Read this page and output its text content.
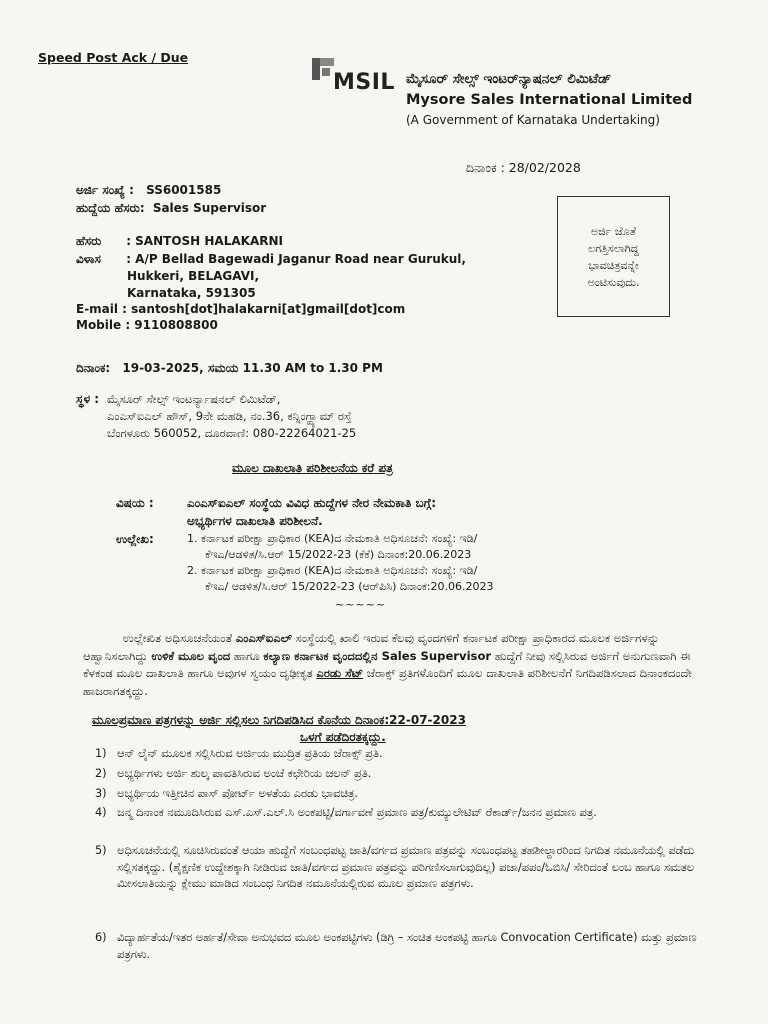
Speed Post Ack / Due
MSIL ಮೈಸೂರ್ ಸೇಲ್ಸ್ ಇಂಟರ್‌ನ್ಯಾಷನಲ್ ಲಿಮಿಟೆಡ್
Mysore Sales International Limited
(A Government of Karnataka Undertaking)
ದಿನಾಂಕ : 28/02/2028
ಅರ್ಜಿ ಜೊತೆ
ಲಗತ್ತಿಸಲಾಗಿದ್ದ
ಭಾವಚಿತ್ರವನ್ನೇ
ಅಂಟಿಸುವುದು.
ಅರ್ಜಿ ಸಂಖ್ಯೆ : SS6001585
ಹುದ್ದೆಯ ಹೆಸರು: Sales Supervisor
ಹೆಸರು : SANTOSH HALAKARNI
ವಿಳಾಸ : A/P Bellad Bagewadi Jaganur Road near Gurukul,
Hukkeri, BELAGAVI,
Karnataka, 591305
E-mail : santosh[dot]halakarni[at]gmail[dot]com
Mobile : 9110808800
ದಿನಾಂಕ: 19-03-2025, ಸಮಯ 11.30 AM to 1.30 PM
ಸ್ಥಳ : ಮೈಸೂರ್ ಸೇಲ್ಸ್ ಇಂಟರ್ನ್ಯಾಷನಲ್ ಲಿಮಿಟೆಡ್,
ಎಂಎಸ್‌ಐಎಲ್ ಹೌಸ್, 9ನೇ ಮಹಡಿ, ನಂ.36, ಕನ್ನಿಂಗ್ಹ್ಯಾಮ್ ರಸ್ತೆ
ಬೆಂಗಳೂರು 560052, ದೂರವಾಣಿ: 080-22264021-25
ಮೂಲ ದಾಖಲಾತಿ ಪರಿಶೀಲನೆಯ ಕರೆ ಪತ್ರ
ವಿಷಯ :	ಎಂಎಸ್‌ಐಎಲ್ ಸಂಸ್ಥೆಯ ವಿವಿಧ ಹುದ್ದೆಗಳ ನೇರ ನೇಮಕಾತಿ ಬಗ್ಗೆ:
ಅಭ್ಯರ್ಥಿಗಳ ದಾಖಲಾತಿ ಪರಿಶೀಲನೆ.
ಉಲ್ಲೇಖ:	1. ಕರ್ನಾಟಕ ಪರೀಕ್ಷಾ ಪ್ರಾಧಿಕಾರ (KEA)ದ ನೇಮಕಾತಿ ಅಧಿಸೂಚನೆ: ಸಂಖ್ಯೆ: ಇಡಿ/
ಕೆಇಎ/ಆಡಳಿತ/ಸಿ.ಆರ್ 15/2022-23 (ಕೆಕೆ) ದಿನಾಂಕ:20.06.2023
2. ಕರ್ನಾಟಕ ಪರೀಕ್ಷಾ ಪ್ರಾಧಿಕಾರ (KEA)ದ ನೇಮಕಾತಿ ಅಧಿಸೂಚನೆ: ಸಂಖ್ಯೆ: ಇಡಿ/
ಕೆಇಎ/ ಆಡಳಿತ/ಸಿ.ಆರ್ 15/2022-23 (ಆರ್‌ಪಿಸಿ) ದಿನಾಂಕ:20.06.2023
~~~~~
ಉಲ್ಲೇಖಿತ ಅಧಿಸೂಚನೆಯಂತೆ ಎಂಎಸ್‌ಐಎಲ್ ಸಂಸ್ಥೆಯಲ್ಲಿ ಖಾಲಿ ಇರುವ ಕೆಲವು ವೃಂದಗಳಿಗೆ ಕರ್ನಾಟಕ ಪರೀಕ್ಷಾ ಪ್ರಾಧಿಕಾರದ ಮೂಲಕ ಅರ್ಜಿಗಳನ್ನು ಆಹ್ವಾನಿಸಲಾಗಿದ್ದು ಉಳಿಕೆ ಮೂಲ ವೃಂದ ಹಾಗೂ ಕಲ್ಯಾಣ ಕರ್ನಾಟಕ ವೃಂದದಲ್ಲಿನ Sales Supervisor ಹುದ್ದೆಗೆ ನೀವು ಸಲ್ಲಿಸಿರುವ ಅರ್ಜಿಗೆ ಅನುಗುಣವಾಗಿ ಈ ಕೆಳಕಂಡ ಮೂಲ ದಾಖಲಾತಿ ಹಾಗೂ ಅವುಗಳ ಸ್ವಯಂ ದೃಢೀಕೃತ ಎರಡು ಸೆಟ್ ಜೆರಾಕ್ಸ್ ಪ್ರತಿಗಳೊಂದಿಗೆ ಮೂಲ ದಾಖಲಾತಿ ಪರಿಶೀಲನೆಗೆ ನಿಗದಿಪಡಿಸಲಾದ ದಿನಾಂಕದಂದೇ ಹಾಜರಾಗತಕ್ಕದ್ದು.
ಮೂಲಪ್ರಮಾಣ ಪತ್ರಗಳನ್ನು ಅರ್ಜಿ ಸಲ್ಲಿಸಲು ನಿಗದಿಪಡಿಸಿದ ಕೊನೆಯ ದಿನಾಂಕ:22-07-2023
ಒಳಗೆ ಪಡೆದಿರತಕ್ಕದ್ದು.
1) ಆನ್ ಲೈನ್ ಮೂಲಕ ಸಲ್ಲಿಸಿರುವ ಅರ್ಜಿಯ ಮುದ್ರಿತ ಪ್ರತಿಯ ಜೆರಾಕ್ಸ್ ಪ್ರತಿ.
2) ಅಭ್ಯರ್ಥಿಗಳು ಅರ್ಜಿ ಶುಲ್ಕ ಪಾವತಿಸಿರುವ ಅಂಚೆ ಕಛೇರಿಯ ಚಲನ್ ಪ್ರತಿ.
3) ಅಭ್ಯರ್ಥಿಯ ಇತ್ತೀಚಿನ ಪಾಸ್ ಪೋರ್ಟ್ ಅಳತೆಯ ಎರಡು ಭಾವಚಿತ್ರ.
4) ಜನ್ಮ ದಿನಾಂಕ ನಮೂದಿಸಿರುವ ಎಸ್.ಎಸ್.ಎಲ್.ಸಿ ಅಂಕಪಟ್ಟಿ/ವರ್ಗಾವಣೆ ಪ್ರಮಾಣ ಪತ್ರ/ಕುಮ್ಯುಲೇಟಿವ್ ರೆಕಾರ್ಡ್/ಜನನ ಪ್ರಮಾಣ ಪತ್ರ.
5) ಅಧಿಸೂಚನೆಯಲ್ಲಿ ಸೂಚಿಸಿರುವಂತೆ ಆಯಾ ಹುದ್ದೆಗೆ ಸಂಬಂಧಪಟ್ಟ ಜಾತಿ/ವರ್ಗದ ಪ್ರಮಾಣ ಪತ್ರವನ್ನು ಸಂಬಂಧಪಟ್ಟ ತಹಶೀಲ್ದಾರರಿಂದ ನಿಗದಿತ ನಮೂನೆಯಲ್ಲಿ ಪಡೆದು ಸಲ್ಲಿಸತಕ್ಕದ್ದು. (ಶೈಕ್ಷಣಿಕ ಉದ್ದೇಶಕ್ಕಾಗಿ ನೀಡಿರುವ ಜಾತಿ/ವರ್ಗದ ಪ್ರಮಾಣ ಪತ್ರವನ್ನು ಪರಿಗಣಿಸಲಾಗುವುದಿಲ್ಲ) ಪಜಾ/ಪಪಂ/ಓಬಿಸಿ/ ಸೇರಿದಂತೆ ಲಂಬ ಹಾಗೂ ಸಮತಲ ಮೀಸಲಾತಿಯನ್ನು ಕ್ಲೇಮು ಮಾಡಿದ ಸಂಬಂಧ ನಿಗದಿತ ನಮೂನೆಯಲ್ಲಿರುವ ಮೂಲ ಪ್ರಮಾಣ ಪತ್ರಗಳು.
6) ವಿದ್ಯಾರ್ಹತೆಯ/ಇತರ ಅರ್ಹತೆ/ಸೇವಾ ಅನುಭವದ ಮೂಲ ಅಂಕಪಟ್ಟಿಗಳು (ಡಿಗ್ರಿ – ಸಂಚಿತ ಅಂಕಪಟ್ಟಿ ಹಾಗೂ Convocation Certificate) ಮತ್ತು ಪ್ರಮಾಣ ಪತ್ರಗಳು.
